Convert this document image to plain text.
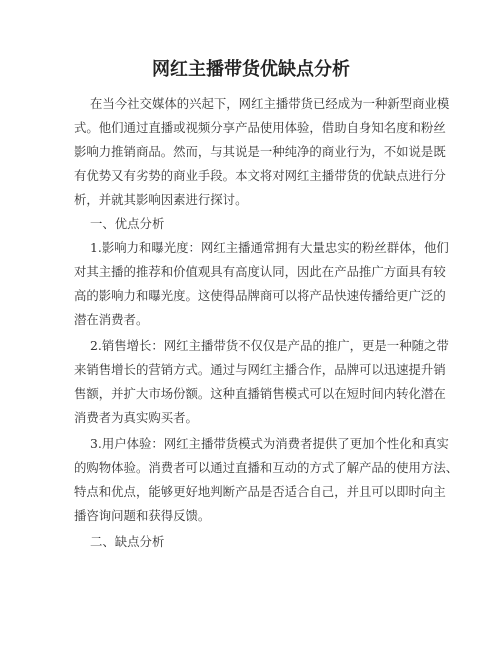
网红主播带货优缺点分析
在当今社交媒体的兴起下，网红主播带货已经成为一种新型商业模
式。他们通过直播或视频分享产品使用体验，借助自身知名度和粉丝
影响力推销商品。然而，与其说是一种纯净的商业行为，不如说是既
有优势又有劣势的商业手段。本文将对网红主播带货的优缺点进行分
析，并就其影响因素进行探讨。
一、优点分析
1.影响力和曝光度：网红主播通常拥有大量忠实的粉丝群体，他们
对其主播的推荐和价值观具有高度认同，因此在产品推广方面具有较
高的影响力和曝光度。这使得品牌商可以将产品快速传播给更广泛的
潜在消费者。
2.销售增长：网红主播带货不仅仅是产品的推广，更是一种随之带
来销售增长的营销方式。通过与网红主播合作，品牌可以迅速提升销
售额，并扩大市场份额。这种直播销售模式可以在短时间内转化潜在
消费者为真实购买者。
3.用户体验：网红主播带货模式为消费者提供了更加个性化和真实
的购物体验。消费者可以通过直播和互动的方式了解产品的使用方法、
特点和优点，能够更好地判断产品是否适合自己，并且可以即时向主
播咨询问题和获得反馈。
二、缺点分析
